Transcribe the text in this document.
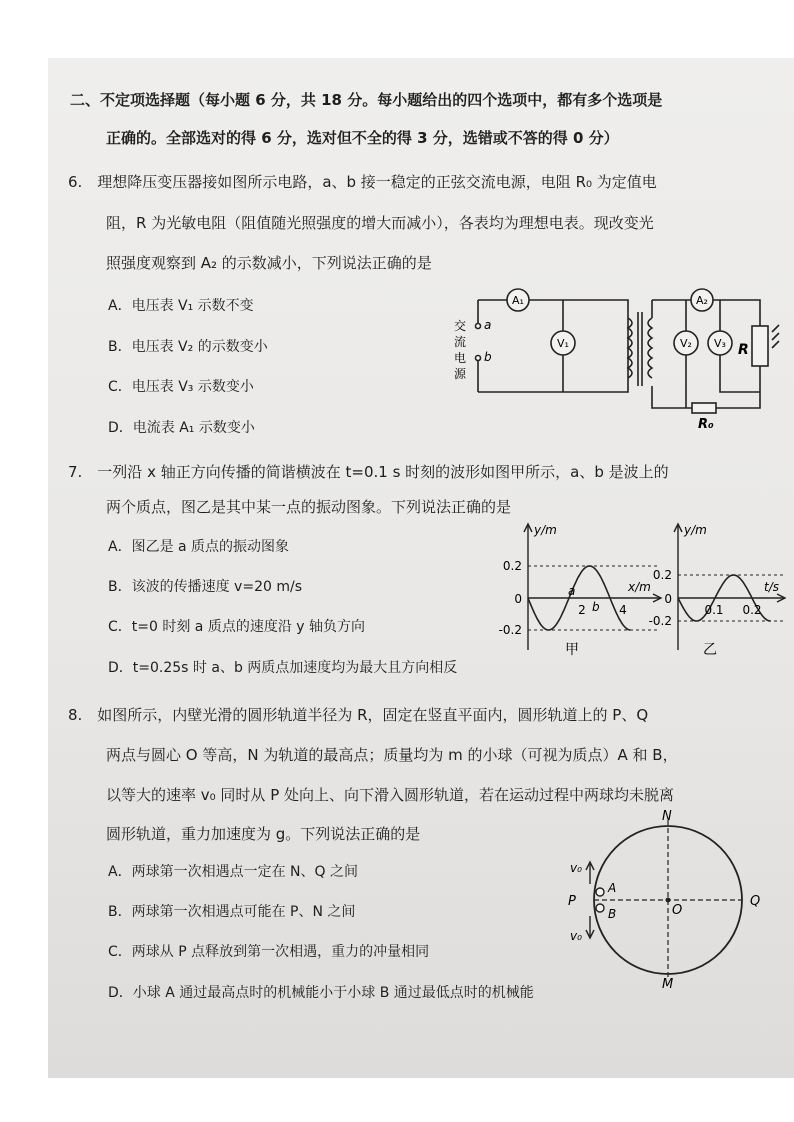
二、不定项选择题（每小题 6 分，共 18 分。每小题给出的四个选项中，都有多个选项是
正确的。全部选对的得 6 分，选对但不全的得 3 分，选错或不答的得 0 分）
6.　理想降压变压器接如图所示电路，a、b 接一稳定的正弦交流电源，电阻 R₀ 为定值电
阻，R 为光敏电阻（阻值随光照强度的增大而减小），各表均为理想电表。现改变光
照强度观察到 A₂ 的示数减小，下列说法正确的是
A．电压表 V₁ 示数不变
B．电压表 V₂ 的示数变小
C．电压表 V₃ 示数变小
D．电流表 A₁ 示数变小
A₁	A₂
V₁	V₂ V₃
a
b
交
流
电
源
R
R₀
7.　一列沿 x 轴正方向传播的简谐横波在 t=0.1 s 时刻的波形如图甲所示，a、b 是波上的
两个质点，图乙是其中某一点的振动图象。下列说法正确的是
A．图乙是 a 质点的振动图象
B．该波的传播速度 v=20 m/s
C．t=0 时刻 a 质点的速度沿 y 轴负方向
D．t=0.25s 时 a、b 两质点加速度均为最大且方向相反
y/m
x/m
0.2
0
-0.2
2	4
a
b
甲
y/m
t/s
0.2
0
-0.2
0.1 0.2
乙
8.　如图所示，内壁光滑的圆形轨道半径为 R，固定在竖直平面内，圆形轨道上的 P、Q
两点与圆心 O 等高，N 为轨道的最高点；质量均为 m 的小球（可视为质点）A 和 B，
以等大的速率 v₀ 同时从 P 处向上、向下滑入圆形轨道，若在运动过程中两球均未脱离
圆形轨道，重力加速度为 g。下列说法正确的是
A．两球第一次相遇点一定在 N、Q 之间
B．两球第一次相遇点可能在 P、N 之间
C．两球从 P 点释放到第一次相遇，重力的冲量相同
D．小球 A 通过最高点时的机械能小于小球 B 通过最低点时的机械能
N
M
P	Q
O
A
B
v₀
v₀
